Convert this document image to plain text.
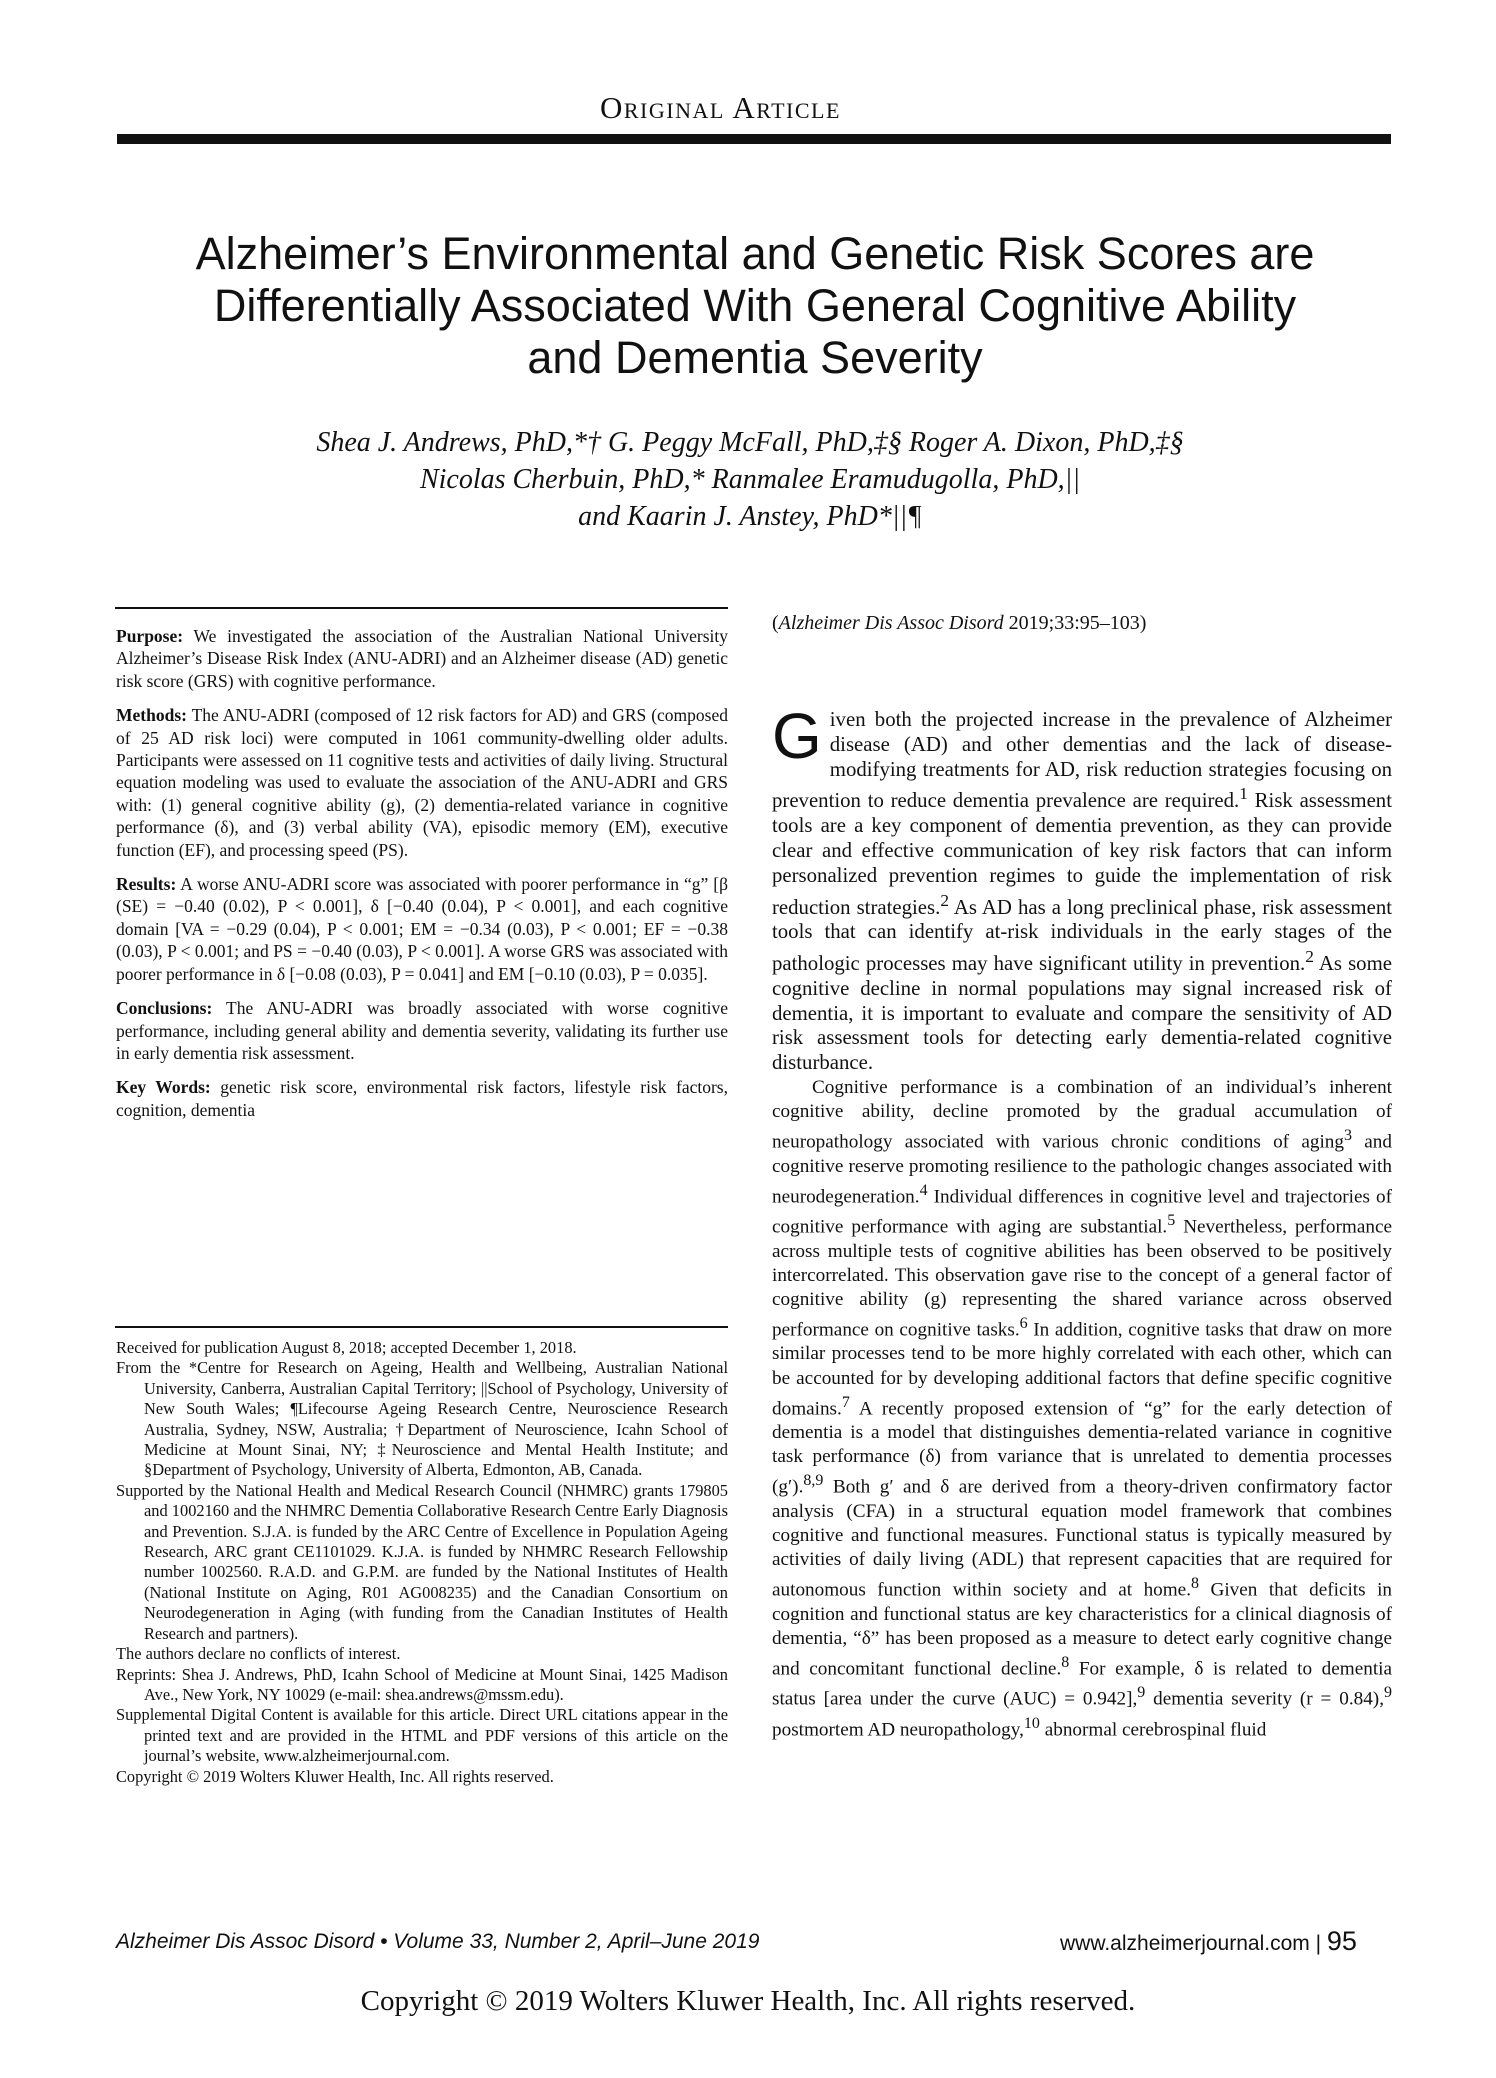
Original Article
Alzheimer’s Environmental and Genetic Risk Scores are
Differentially Associated With General Cognitive Ability
and Dementia Severity
Shea J. Andrews, PhD,*† G. Peggy McFall, PhD,‡§ Roger A. Dixon, PhD,‡§
Nicolas Cherbuin, PhD,* Ranmalee Eramudugolla, PhD,||
and Kaarin J. Anstey, PhD*||¶

Purpose: We investigated the association of the Australian National University Alzheimer’s Disease Risk Index (ANU-ADRI) and an Alzheimer disease (AD) genetic risk score (GRS) with cognitive performance.

Methods: The ANU-ADRI (composed of 12 risk factors for AD) and GRS (composed of 25 AD risk loci) were computed in 1061 community-dwelling older adults. Participants were assessed on 11 cognitive tests and activities of daily living. Structural equation modeling was used to evaluate the association of the ANU-ADRI and GRS with: (1) general cognitive ability (g), (2) dementia-related variance in cognitive performance (δ), and (3) verbal ability (VA), episodic memory (EM), executive function (EF), and processing speed (PS).

Results: A worse ANU-ADRI score was associated with poorer performance in “g” [β (SE) = −0.40 (0.02), P < 0.001], δ [−0.40 (0.04), P < 0.001], and each cognitive domain [VA = −0.29 (0.04), P < 0.001; EM = −0.34 (0.03), P < 0.001; EF = −0.38 (0.03), P < 0.001; and PS = −0.40 (0.03), P < 0.001]. A worse GRS was associated with poorer performance in δ [−0.08 (0.03), P = 0.041] and EM [−0.10 (0.03), P = 0.035].

Conclusions: The ANU-ADRI was broadly associated with worse cognitive performance, including general ability and dementia severity, validating its further use in early dementia risk assessment.

Key Words: genetic risk score, environmental risk factors, lifestyle risk factors, cognition, dementia

Received for publication August 8, 2018; accepted December 1, 2018.

From the *Centre for Research on Ageing, Health and Wellbeing, Australian National University, Canberra, Australian Capital Territory; ||School of Psychology, University of New South Wales; ¶Lifecourse Ageing Research Centre, Neuroscience Research Australia, Sydney, NSW, Australia; †Department of Neuroscience, Icahn School of Medicine at Mount Sinai, NY; ‡Neuroscience and Mental Health Institute; and §Department of Psychology, University of Alberta, Edmonton, AB, Canada.

Supported by the National Health and Medical Research Council (NHMRC) grants 179805 and 1002160 and the NHMRC Dementia Collaborative Research Centre Early Diagnosis and Prevention. S.J.A. is funded by the ARC Centre of Excellence in Population Ageing Research, ARC grant CE1101029. K.J.A. is funded by NHMRC Research Fellowship number 1002560. R.A.D. and G.P.M. are funded by the National Institutes of Health (National Institute on Aging, R01 AG008235) and the Canadian Consortium on Neurodegeneration in Aging (with funding from the Canadian Institutes of Health Research and partners).

The authors declare no conflicts of interest.

Reprints: Shea J. Andrews, PhD, Icahn School of Medicine at Mount Sinai, 1425 Madison Ave., New York, NY 10029 (e-mail: shea.andrews@mssm.edu).

Supplemental Digital Content is available for this article. Direct URL citations appear in the printed text and are provided in the HTML and PDF versions of this article on the journal’s website, www.alzheimerjournal.com.

Copyright © 2019 Wolters Kluwer Health, Inc. All rights reserved.

(Alzheimer Dis Assoc Disord 2019;33:95–103)

Given both the projected increase in the prevalence of Alzheimer disease (AD) and other dementias and the lack of disease-modifying treatments for AD, risk reduction strategies focusing on prevention to reduce dementia prevalence are required.$^1$ Risk assessment tools are a key component of dementia prevention, as they can provide clear and effective communication of key risk factors that can inform personalized prevention regimes to guide the implementation of risk reduction strategies.$^2$ As AD has a long preclinical phase, risk assessment tools that can identify at-risk individuals in the early stages of the pathologic processes may have significant utility in prevention.$^2$ As some cognitive decline in normal populations may signal increased risk of dementia, it is important to evaluate and compare the sensitivity of AD risk assessment tools for detecting early dementia-related cognitive disturbance.

Cognitive performance is a combination of an individual’s inherent cognitive ability, decline promoted by the gradual accumulation of neuropathology associated with various chronic conditions of aging$^3$ and cognitive reserve promoting resilience to the pathologic changes associated with neurodegeneration.$^4$ Individual differences in cognitive level and trajectories of cognitive performance with aging are substantial.$^5$ Nevertheless, performance across multiple tests of cognitive abilities has been observed to be positively intercorrelated. This observation gave rise to the concept of a general factor of cognitive ability (g) representing the shared variance across observed performance on cognitive tasks.$^6$ In addition, cognitive tasks that draw on more similar processes tend to be more highly correlated with each other, which can be accounted for by developing additional factors that define specific cognitive domains.$^7$ A recently proposed extension of “g” for the early detection of dementia is a model that distinguishes dementia-related variance in cognitive task performance (δ) from variance that is unrelated to dementia processes (g′).$^{8,9}$ Both g′ and δ are derived from a theory-driven confirmatory factor analysis (CFA) in a structural equation model framework that combines cognitive and functional measures. Functional status is typically measured by activities of daily living (ADL) that represent capacities that are required for autonomous function within society and at home.$^8$ Given that deficits in cognition and functional status are key characteristics for a clinical diagnosis of dementia, “δ” has been proposed as a measure to detect early cognitive change and concomitant functional decline.$^8$ For example, δ is related to dementia status [area under the curve (AUC) = 0.942],$^9$ dementia severity (r = 0.84),$^9$ postmortem AD neuropathology,$^{10}$ abnormal cerebrospinal fluid

Alzheimer Dis Assoc Disord • Volume 33, Number 2, April–June 2019	www.alzheimerjournal.com | 95
Copyright © 2019 Wolters Kluwer Health, Inc. All rights reserved.
